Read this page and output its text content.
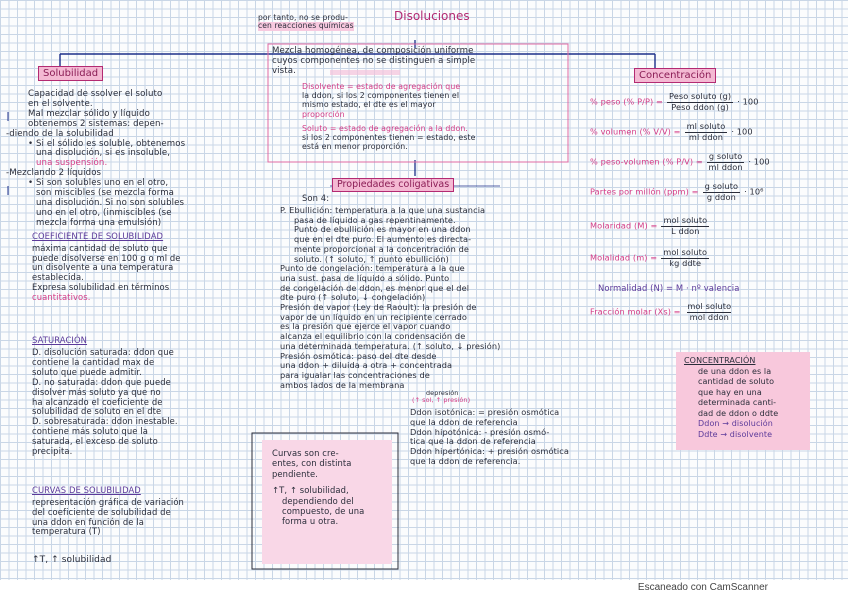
por tanto, no se produ-
cen reacciones químicas
Disoluciones
Mezcla homogénea, de composición uniforme
cuyos componentes no se distinguen a simple
vista.
Disolvente = estado de agregación que
la ddon, si los 2 componentes tienen el
mismo estado, el dte es el mayor
proporción
Soluto = estado de agregación a la ddon.
si los 2 componentes tienen = estado, este
está en menor proporción.
Solubilidad
Capacidad de ssolver el soluto
en el solvente.
Mal mezclar sólido y líquido
obtenemos 2 sistemas: depen-
-diendo de la solubilidad
• Si el sólido es soluble, obtenemos
una disolución, si es insoluble,
una suspensión.
-Mezclando 2 líquidos
• Si son solubles uno en el otro,
son miscibles (se mezcla forma
una disolución. Si no son solubles
uno en el otro, (inmiscibles (se
mezcla forma una emulsión)
COEFICIENTE DE SOLUBILIDAD
máxima cantidad de soluto que
puede disolverse en 100 g o ml de
un disolvente a una temperatura
establecida.
Expresa solubilidad en términos
cuantitativos.
SATURACIÓN
D. disolución saturada: ddon que
contiene la cantidad max de
soluto que puede admitir.
D. no saturada: ddon que puede
disolver más soluto ya que no
ha alcanzado el coeficiente de
solubilidad de soluto en el dte
D. sobresaturada: ddon inestable.
contiene más soluto que la
saturada, el exceso de soluto
precipita.
CURVAS DE SOLUBILIDAD
representación gráfica de variación
del coeficiente de solubilidad de
una ddon en función de la
temperatura (T)
↑T, ↑ solubilidad
Curvas son cre-
entes, con distinta
pendiente.
↑T, ↑ solubilidad,
dependiendo del
compuesto, de una
forma u otra.
Propiedades coligativas
Son 4:
P. Ebullición: temperatura a la que una sustancia
pasa de líquido a gas repentinamente.
Punto de ebullición es mayor en una ddon
que en el dte puro. El aumento es directa-
mente proporcional a la concentración de
soluto. (↑ soluto, ↑ punto ebullición)
Punto de congelación: temperatura a la que
una sust. pasa de líquido a sólido. Punto
de congelación de ddon, es menor que el del
dte puro (↑ soluto, ↓ congelación)
Presión de vapor (Ley de Raoult): la presión de
vapor de un líquido en un recipiente cerrado
es la presión que ejerce el vapor cuando
alcanza el equilibrio con la condensación de
una determinada temperatura. (↑ soluto, ↓ presión)
Presión osmótica: paso del dte desde
una ddon + diluida a otra + concentrada
para igualar las concentraciones de
ambos lados de la membrana
depresión
(↑ sol, ↑ presión)
Ddon isotónica: = presión osmótica
que la ddon de referencia
Ddon hipotónica: - presión osmó-
tica que la ddon de referencia
Ddon hipertónica: + presión osmótica
que la ddon de referencia.
Concentración
% peso (% P/P) =
Peso soluto (g)
Peso ddon (g)	· 100
% volumen (% V/V) =
ml soluto
ml ddon	· 100
% peso-volumen (% P/V) =
g soluto
ml ddon · 100
Partes por millón (ppm) =
g soluto
g ddon	· 10⁶
Molaridad (M) =
mol soluto
L ddon
Molalidad (m) =
mol soluto
kg ddte
Normalidad (N) = M · nº valencia
Fracción molar (Xs) =
mol soluto
mol ddon
CONCENTRACIÓN
de una ddon es la
cantidad de soluto
que hay en una
determinada canti-
dad de ddon o ddte
Ddon → disolución
Ddte → disolvente
Escaneado con CamScanner
